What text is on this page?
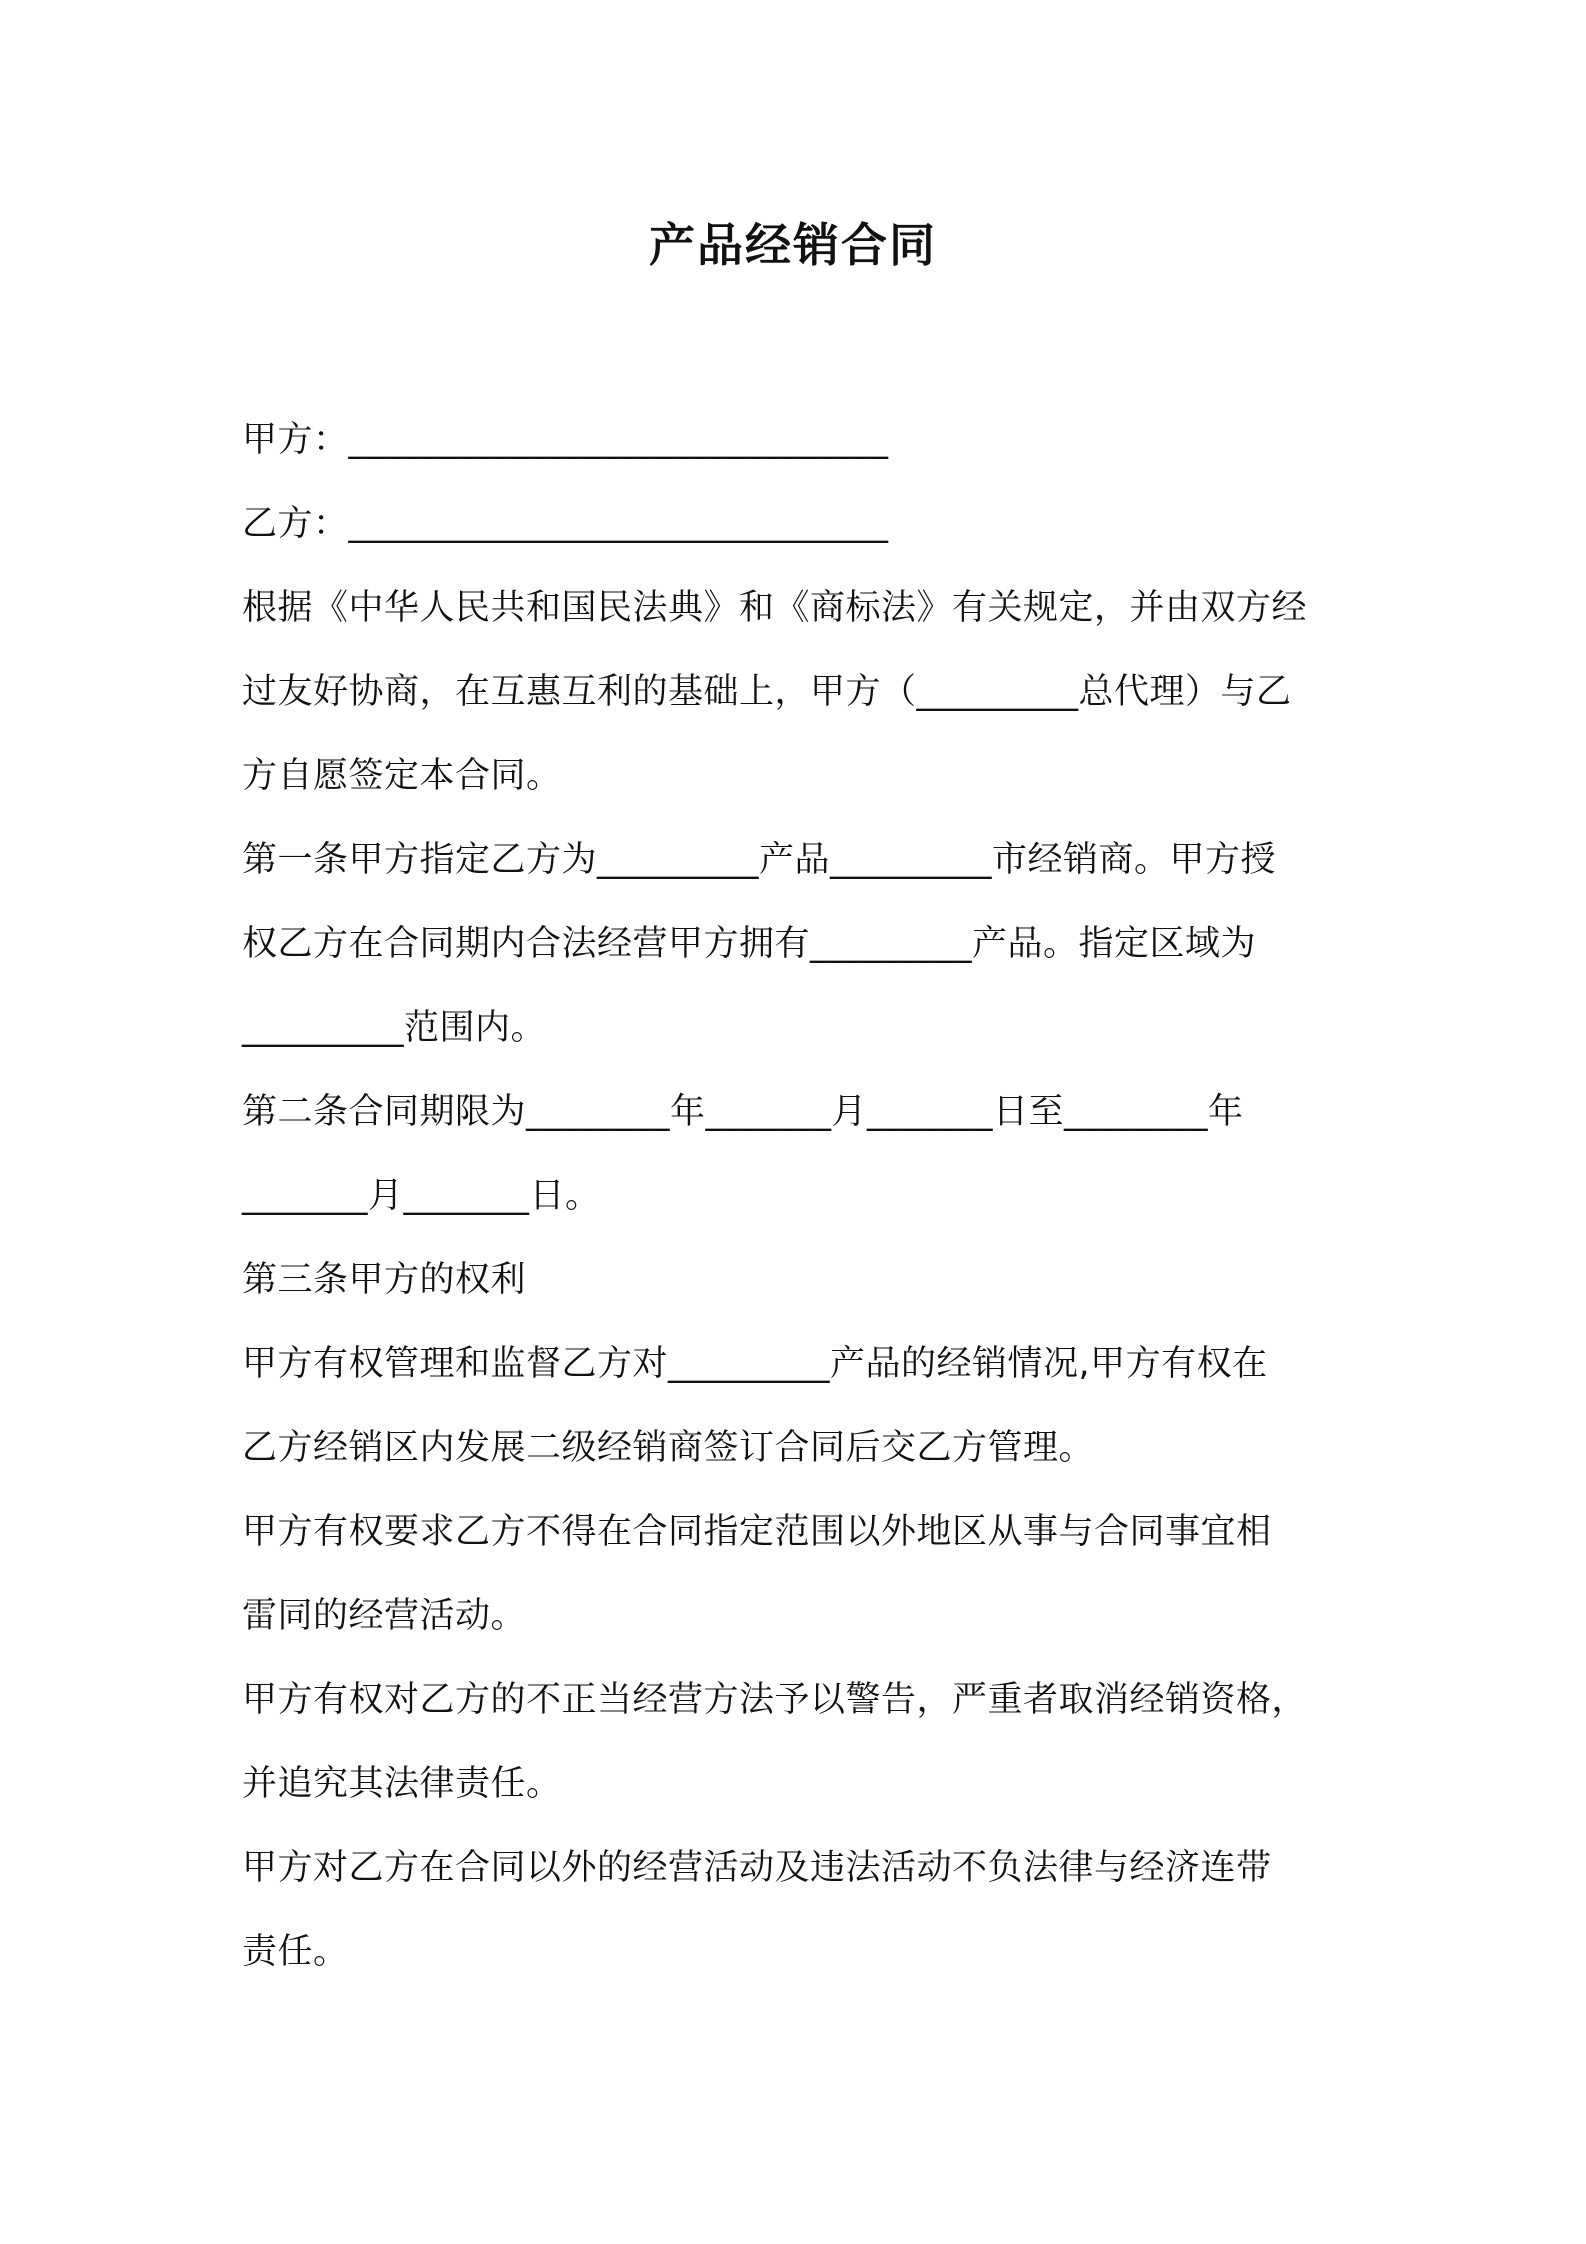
产品经销合同
甲方：______________________________
乙方：______________________________
根据《中华人民共和国民法典》和《商标法》有关规定，并由双方经
过友好协商，在互惠互利的基础上，甲方（_________总代理）与乙
方自愿签定本合同。
第一条甲方指定乙方为_________产品_________市经销商。甲方授
权乙方在合同期内合法经营甲方拥有_________产品。指定区域为
_________范围内。
第二条合同期限为________年_______月_______日至________年
_______月_______日。
第三条甲方的权利
甲方有权管理和监督乙方对_________产品的经销情况,甲方有权在
乙方经销区内发展二级经销商签订合同后交乙方管理。
甲方有权要求乙方不得在合同指定范围以外地区从事与合同事宜相
雷同的经营活动。
甲方有权对乙方的不正当经营方法予以警告，严重者取消经销资格，
并追究其法律责任。
甲方对乙方在合同以外的经营活动及违法活动不负法律与经济连带
责任。
